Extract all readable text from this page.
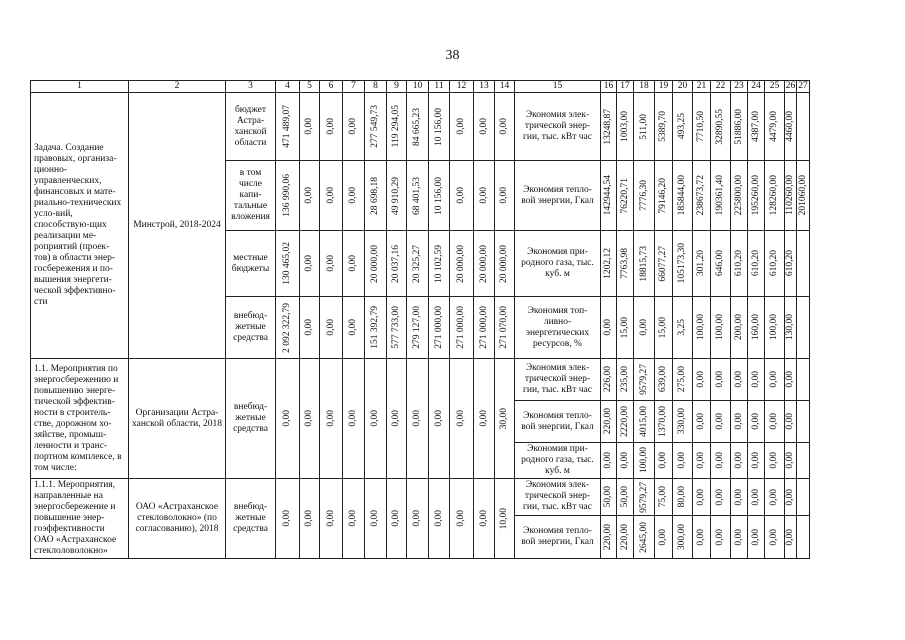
38
1	2	3	4	5	6	7	8	9	10	11	12	13	14	15	16	17	18	19	20	21	22	23	24	25	26	27
Задача. Создание правовых, организа-ционно-управленческих, финансовых и мате-риально-технических усло-вий, способствую-щих реализации ме-роприятий (проек-тов) в области энер-госбережения и по-вышения энергети-ческой эффективно-сти	Минстрой, 2018-2024	бюджет Астра-ханской области	471 489,07	0,00	0,00	0,00	277 549,73	119 294,05	84 665,23	10 156,00	0,00	0,00	0,00	Экономия элек-трической энер-гии, тыс. кВт час	13248,87	1003,00	511,00	5389,70	493,25	7710,50	32890,55	51886,00	4387,00	4479,00	4460,00	

		в том числе капи-тальные вложения	136 990,06	0,00	0,00	0,00	28 698,18	49 910,29	68 401,53	10 156,00	0,00	0,00	0,00	Экономия тепло-вой энергии, Гкал	142944,54	76220,71	7776,30	79146,20	185844,00	238673,72	190361,40	225800,00	195260,00	128260,00	110260,00	201060,00

		местные бюджеты	130 465,02	0,00	0,00	0,00	20 000,00	20 037,16	20 325,27	10 102,59	20 000,00	20 000,00	20 000,00	Экономия при-родного газа, тыс. куб. м	1202,12	7763,98	18815,73	66077,27	105173,30	301,20	646,00	610,20	610,20	610,20	610,20	

		внебюд-жетные средства	2 092 322,79	0,00	0,00	0,00	151 392,79	577 733,00	279 127,00	271 000,00	271 000,00	271 000,00	271 070,00	Экономия топ-ливно-энергетических ресурсов, %	0,00	15,00	0,00	15,00	3,25	100,00	100,00	200,00	160,00	100,00	130,00	

1.1. Мероприятия по энергосбережению и повышению энерге-тической эффектив-ности в строитель-стве, дорожном хо-зяйстве, промыш-ленности и транс-портном комплексе, в том числе:	Организации Астра-ханской области, 2018	внебюд-жетные средства	0,00	0,00	0,00	0,00	0,00	0,00	0,00	0,00	0,00	0,00	30,00	Экономия элек-трической энер-гии, тыс. кВт час	226,00	235,00	9579,27	639,00	275,00	0,00	0,00	0,00	0,00	0,00	0,00	

														Экономия тепло-вой энергии, Гкал	220,00	2220,00	4015,00	1370,00	330,00	0,00	0,00	0,00	0,00	0,00	0,00	

														Экономия при-родного газа, тыс. куб. м	0,00	0,00	100,00	0,00	0,00	0,00	0,00	0,00	0,00	0,00	0,00	

1.1.1. Мероприятия, направленные на энергосбережение и повышение энер-гоэффективности ОАО «Астраханское стеклоловолокно»	ОАО «Астраханское стекловолокно» (по согласованию), 2018	внебюд-жетные средства	0,00	0,00	0,00	0,00	0,00	0,00	0,00	0,00	0,00	0,00	10,00	Экономия элек-трической энер-гии, тыс. кВт час	50,00	50,00	9579,27	75,00	80,00	0,00	0,00	0,00	0,00	0,00	0,00	

														Экономия тепло-вой энергии, Гкал	220,00	220,00	2645,00	0,00	300,00	0,00	0,00	0,00	0,00	0,00	0,00	
